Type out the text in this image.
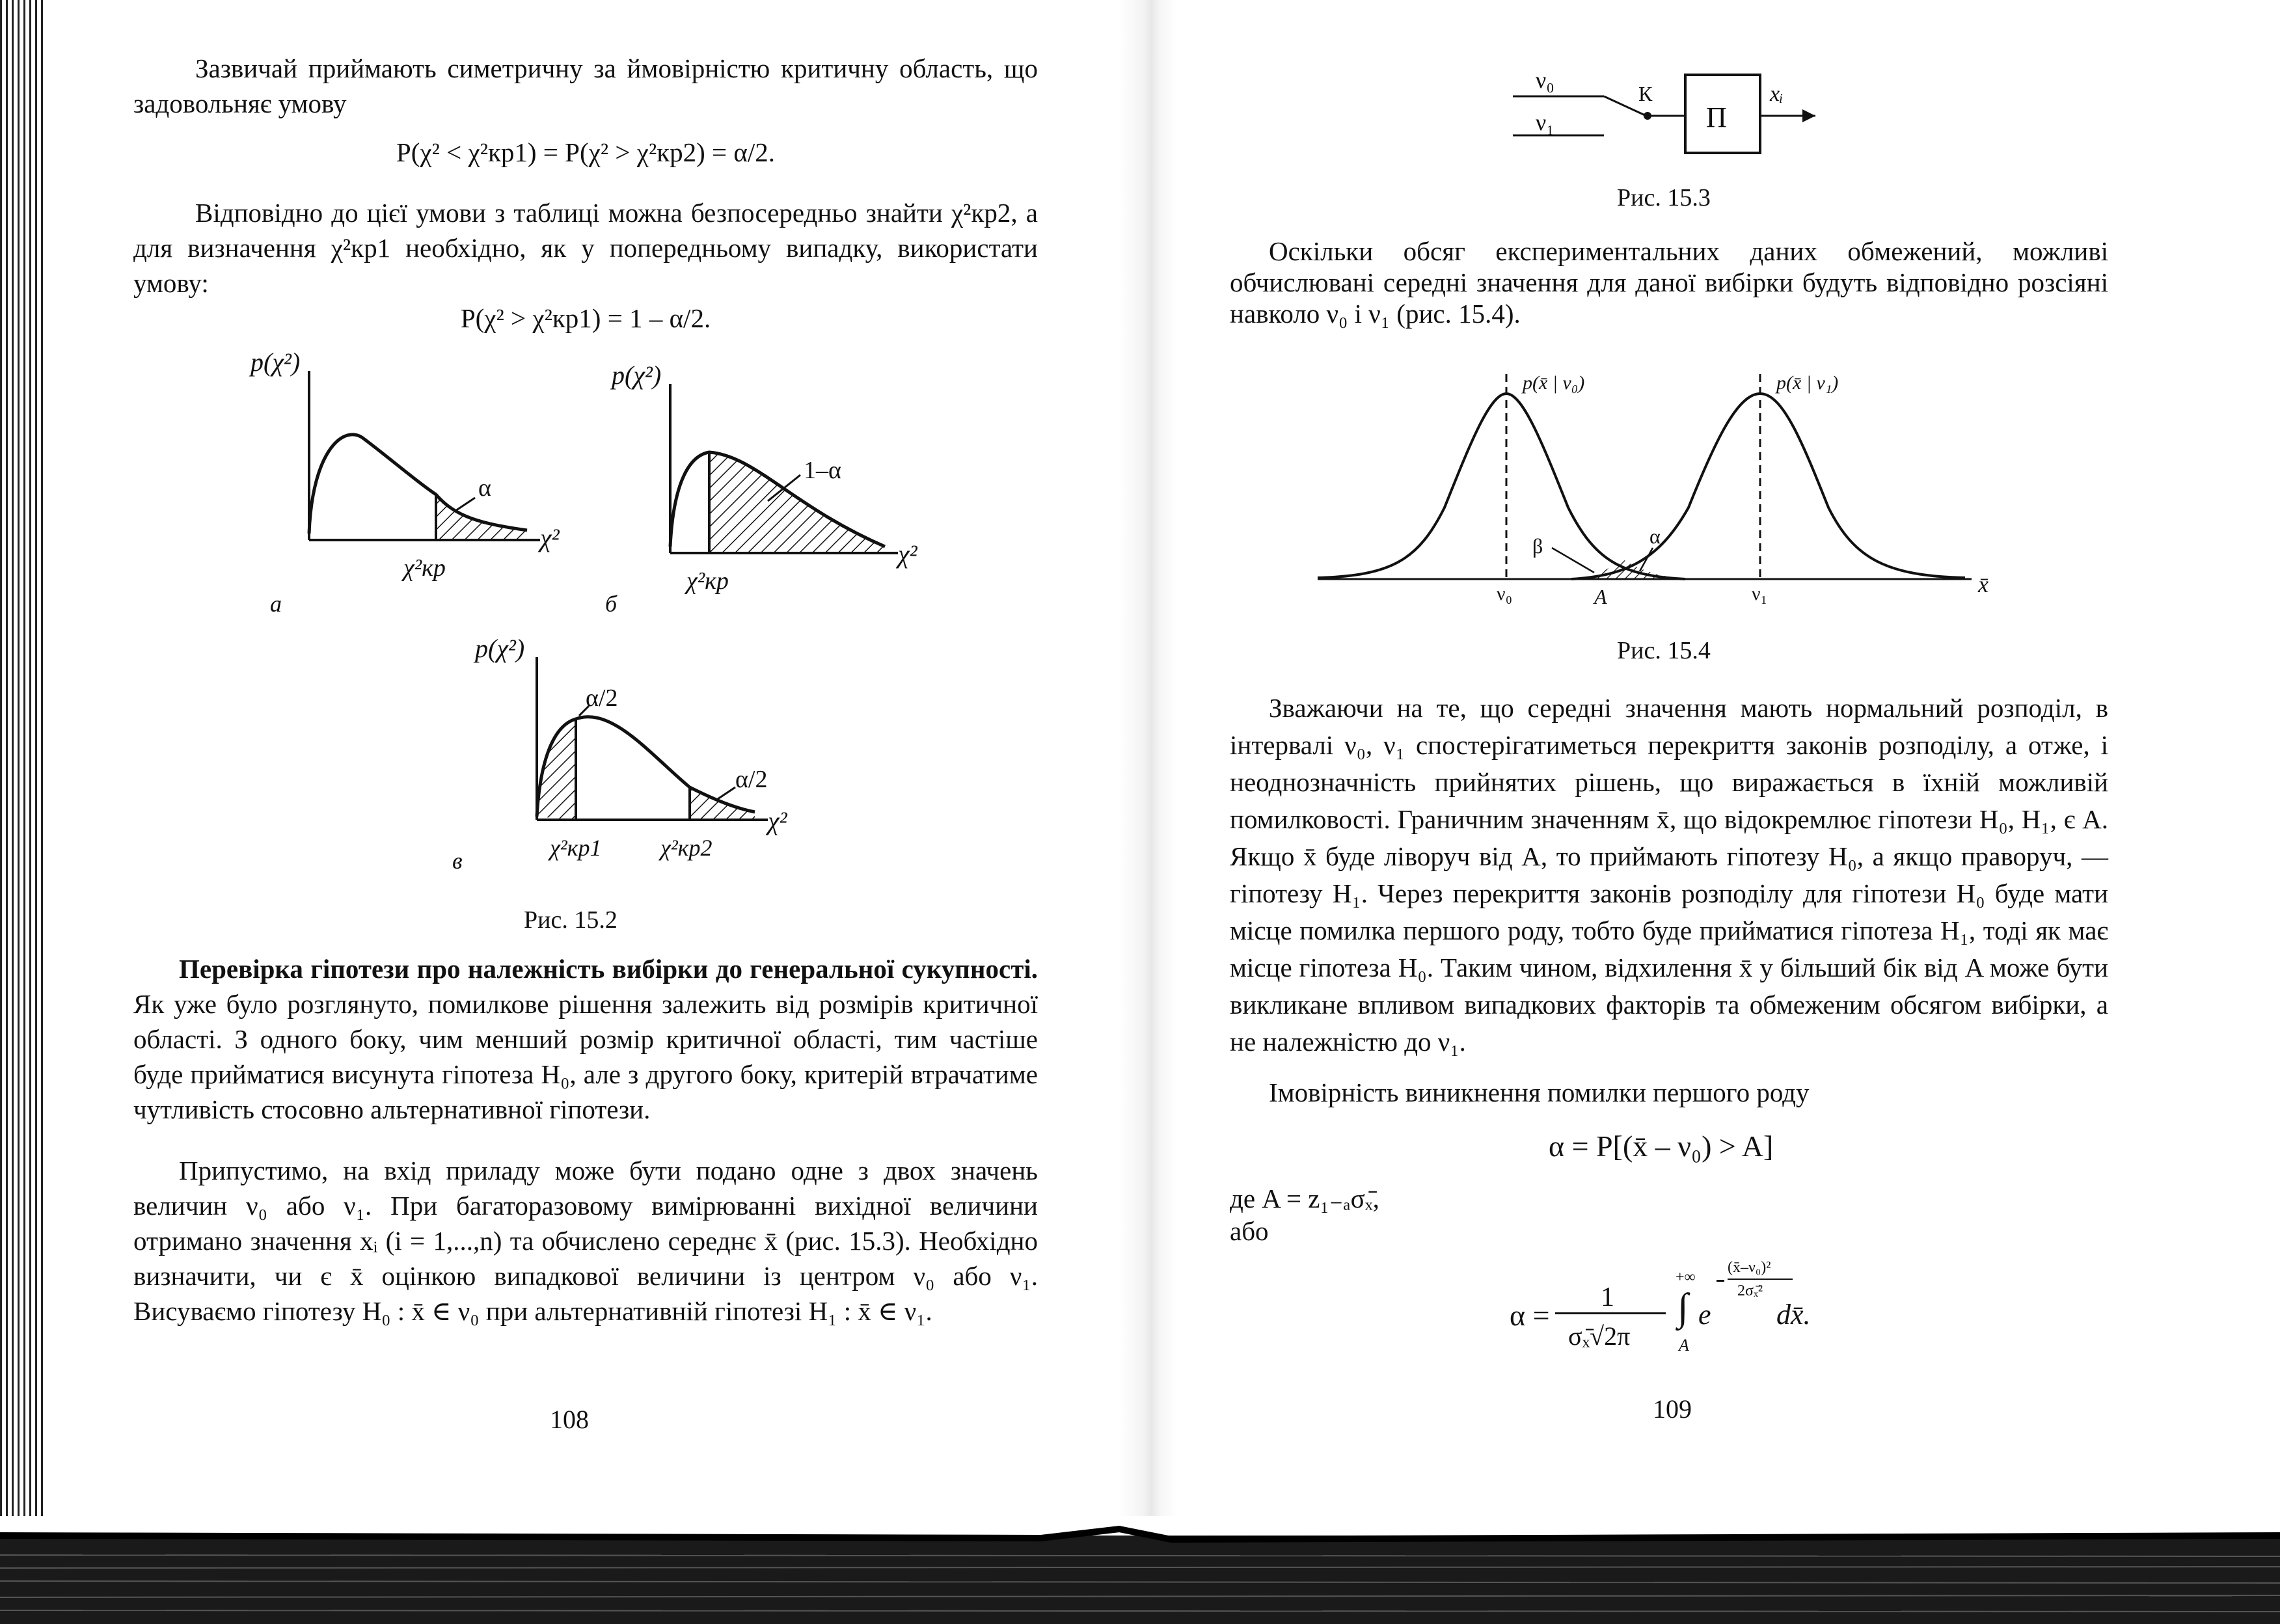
Зазвичай приймають симетричну за ймовірністю критичну область, що задовольняє умову
P(χ² < χ²кр1) = P(χ² > χ²кр2) = α/2.
Відповідно до цієї умови з таблиці можна безпосередньо знайти χ²кр2, а для визначення χ²кр1 необхідно, як у попередньому випадку, використати умову:
P(χ² > χ²кр1) = 1 – α/2.
p(χ²)
α
χ²
χ²кр
а
p(χ²)
1–α
χ²
χ²кр
б
p(χ²)
α/2
α/2
χ²
χ²кр1	χ²кр2
в
Рис. 15.2
Перевірка гіпотези про належність вибірки до генеральної сукупності. Як уже було розглянуто, помилкове рішення залежить від розмірів критичної області. З одного боку, чим менший розмір критичної області, тим частіше буде прийматися висунута гіпотеза H₀, але з другого боку, критерій втрачатиме чутливість стосовно альтернативної гіпотези.
Припустимо, на вхід приладу може бути подано одне з двох значень величин ν₀ або ν₁. При багаторазовому вимірюванні вихідної величини отримано значення xᵢ (i = 1,...,n) та обчислено середнє x̄ (рис. 15.3). Необхідно визначити, чи є x̄ оцінкою випадкової величини із центром ν₀ або ν₁. Висуваємо гіпотезу H₀ : x̄ ∈ ν₀ при альтернативній гіпотезі H₁ : x̄ ∈ ν₁.
108
ν₀
ν₁
К
П
xᵢ
Рис. 15.3
Оскільки обсяг експериментальних даних обмежений, можливі обчислювані середні значення для даної вибірки будуть відповідно розсіяні навколо ν₀ і ν₁ (рис. 15.4).
p(x̄ | ν₀)	p(x̄ | ν₁)
β	α
ν₀	A	ν₁	x̄
Рис. 15.4
Зважаючи на те, що середні значення мають нормальний розподіл, в інтервалі ν₀, ν₁ спостерігатиметься перекриття законів розподілу, а отже, і неоднозначність прийнятих рішень, що виражається в їхній можливій помилковості. Граничним значенням x̄, що відокремлює гіпотези H₀, H₁, є A. Якщо x̄ буде ліворуч від A, то приймають гіпотезу H₀, а якщо праворуч, — гіпотезу H₁. Через перекриття законів розподілу для гіпотези H₀ буде мати місце помилка першого роду, тобто буде прийматися гіпотеза H₁, тоді як має місце гіпотеза H₀. Таким чином, відхилення x̄ у більший бік від A може бути викликане впливом випадкових факторів та обмеженим обсягом вибірки, а не належністю до ν₁.
Імовірність виникнення помилки першого роду
α = P[(x̄ – ν₀) > A]
де A = z₁₋ₐσₓ̄,
або
α =
1
σₓ̄√2π
+∞
∫
A
e
(x̄–ν₀)²
2σₓ̄²
dx̄.
109
